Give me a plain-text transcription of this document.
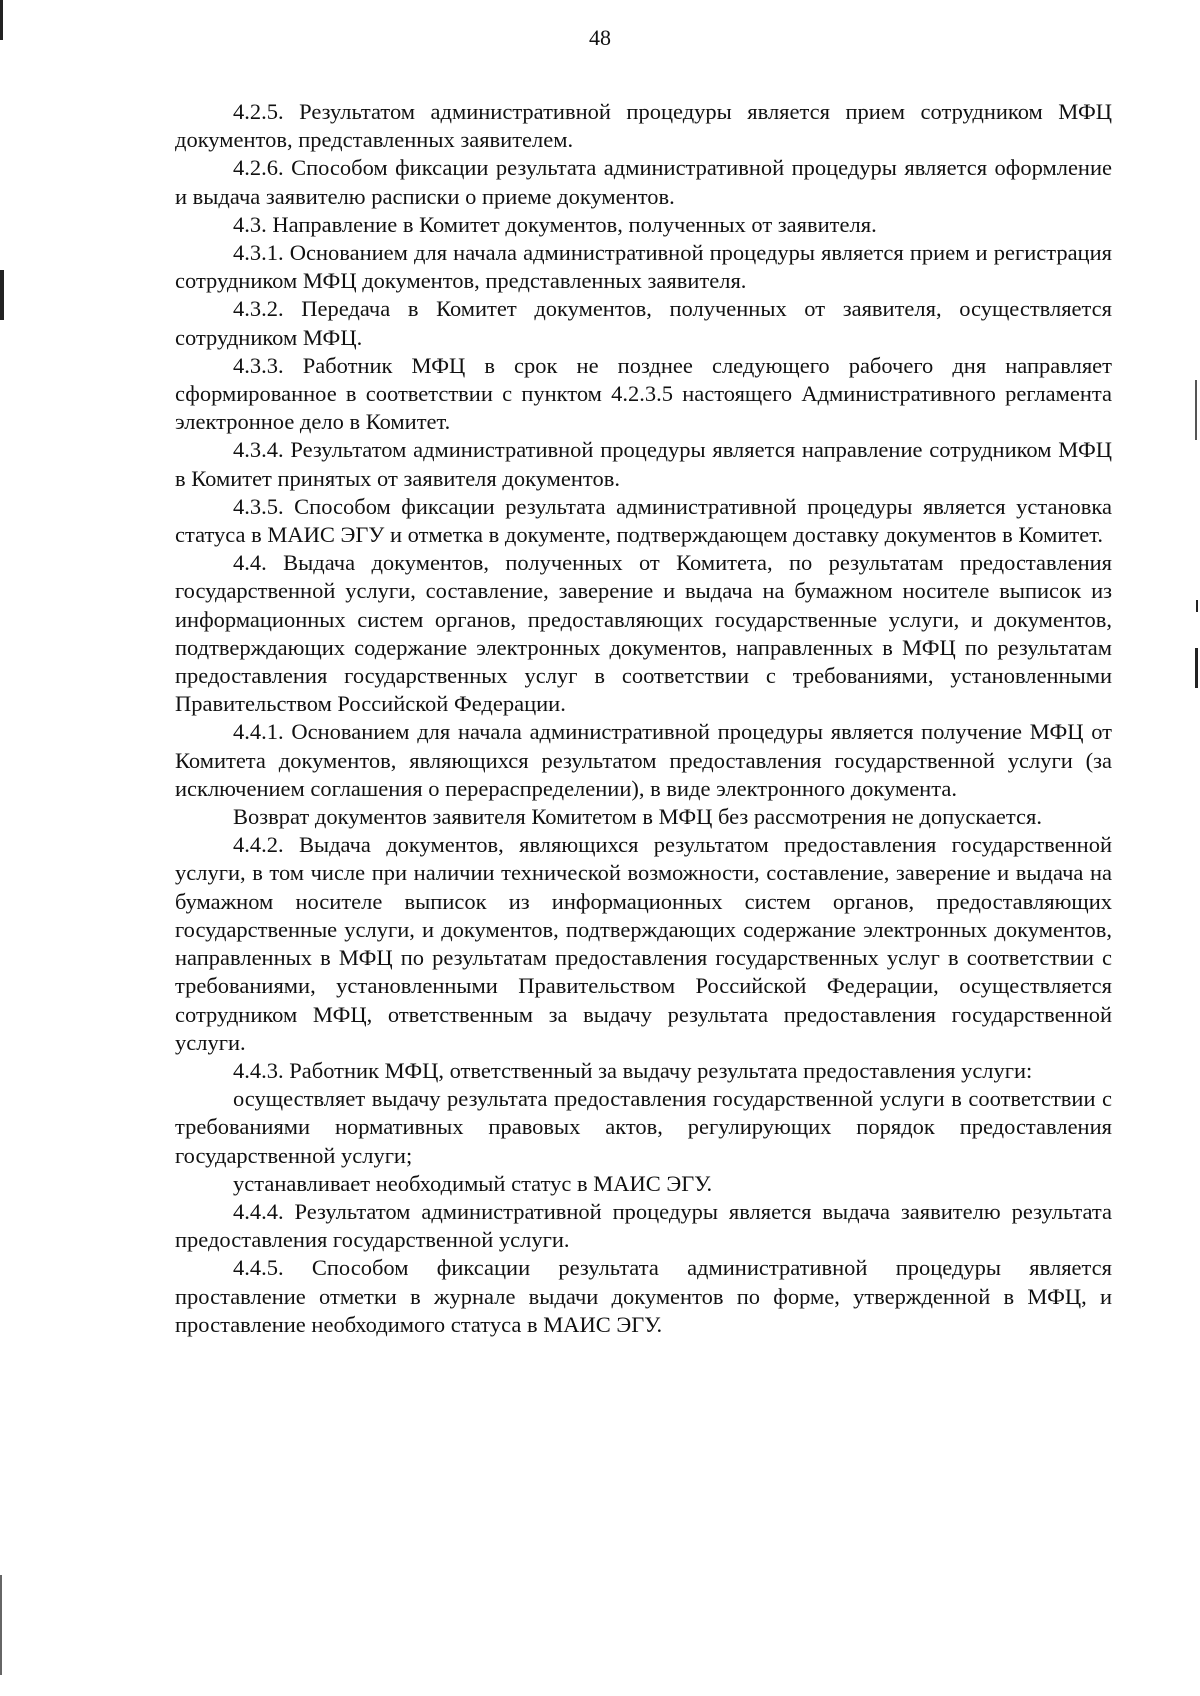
48

4.2.5. Результатом административной процедуры является прием сотрудником МФЦ документов, представленных заявителем.

4.2.6. Способом фиксации результата административной процедуры является оформление и выдача заявителю расписки о приеме документов.

4.3. Направление в Комитет документов, полученных от заявителя.

4.3.1. Основанием для начала административной процедуры является прием и регистрация сотрудником МФЦ документов, представленных заявителя.

4.3.2. Передача в Комитет документов, полученных от заявителя, осуществляется сотрудником МФЦ.

4.3.3. Работник МФЦ в срок не позднее следующего рабочего дня направляет сформированное в соответствии с пунктом 4.2.3.5 настоящего Административного регламента электронное дело в Комитет.

4.3.4. Результатом административной процедуры является направление сотрудником МФЦ в Комитет принятых от заявителя документов.

4.3.5. Способом фиксации результата административной процедуры является установка статуса в МАИС ЭГУ и отметка в документе, подтверждающем доставку документов в Комитет.

4.4. Выдача документов, полученных от Комитета, по результатам предоставления государственной услуги, составление, заверение и выдача на бумажном носителе выписок из информационных систем органов, предоставляющих государственные услуги, и документов, подтверждающих содержание электронных документов, направленных в МФЦ по результатам предоставления государственных услуг в соответствии с требованиями, установленными Правительством Российской Федерации.

4.4.1. Основанием для начала административной процедуры является получение МФЦ от Комитета документов, являющихся результатом предоставления государственной услуги (за исключением соглашения о перераспределении), в виде электронного документа.

Возврат документов заявителя Комитетом в МФЦ без рассмотрения не допускается.

4.4.2. Выдача документов, являющихся результатом предоставления государственной услуги, в том числе при наличии технической возможности, составление, заверение и выдача на бумажном носителе выписок из информационных систем органов, предоставляющих государственные услуги, и документов, подтверждающих содержание электронных документов, направленных в МФЦ по результатам предоставления государственных услуг в соответствии с требованиями, установленными Правительством Российской Федерации, осуществляется сотрудником МФЦ, ответственным за выдачу результата предоставления государственной услуги.

4.4.3. Работник МФЦ, ответственный за выдачу результата предоставления услуги:

осуществляет выдачу результата предоставления государственной услуги в соответствии с требованиями нормативных правовых актов, регулирующих порядок предоставления государственной услуги;

устанавливает необходимый статус в МАИС ЭГУ.

4.4.4. Результатом административной процедуры является выдача заявителю результата предоставления государственной услуги.

4.4.5. Способом фиксации результата административной процедуры является проставление отметки в журнале выдачи документов по форме, утвержденной в МФЦ, и проставление необходимого статуса в МАИС ЭГУ.
